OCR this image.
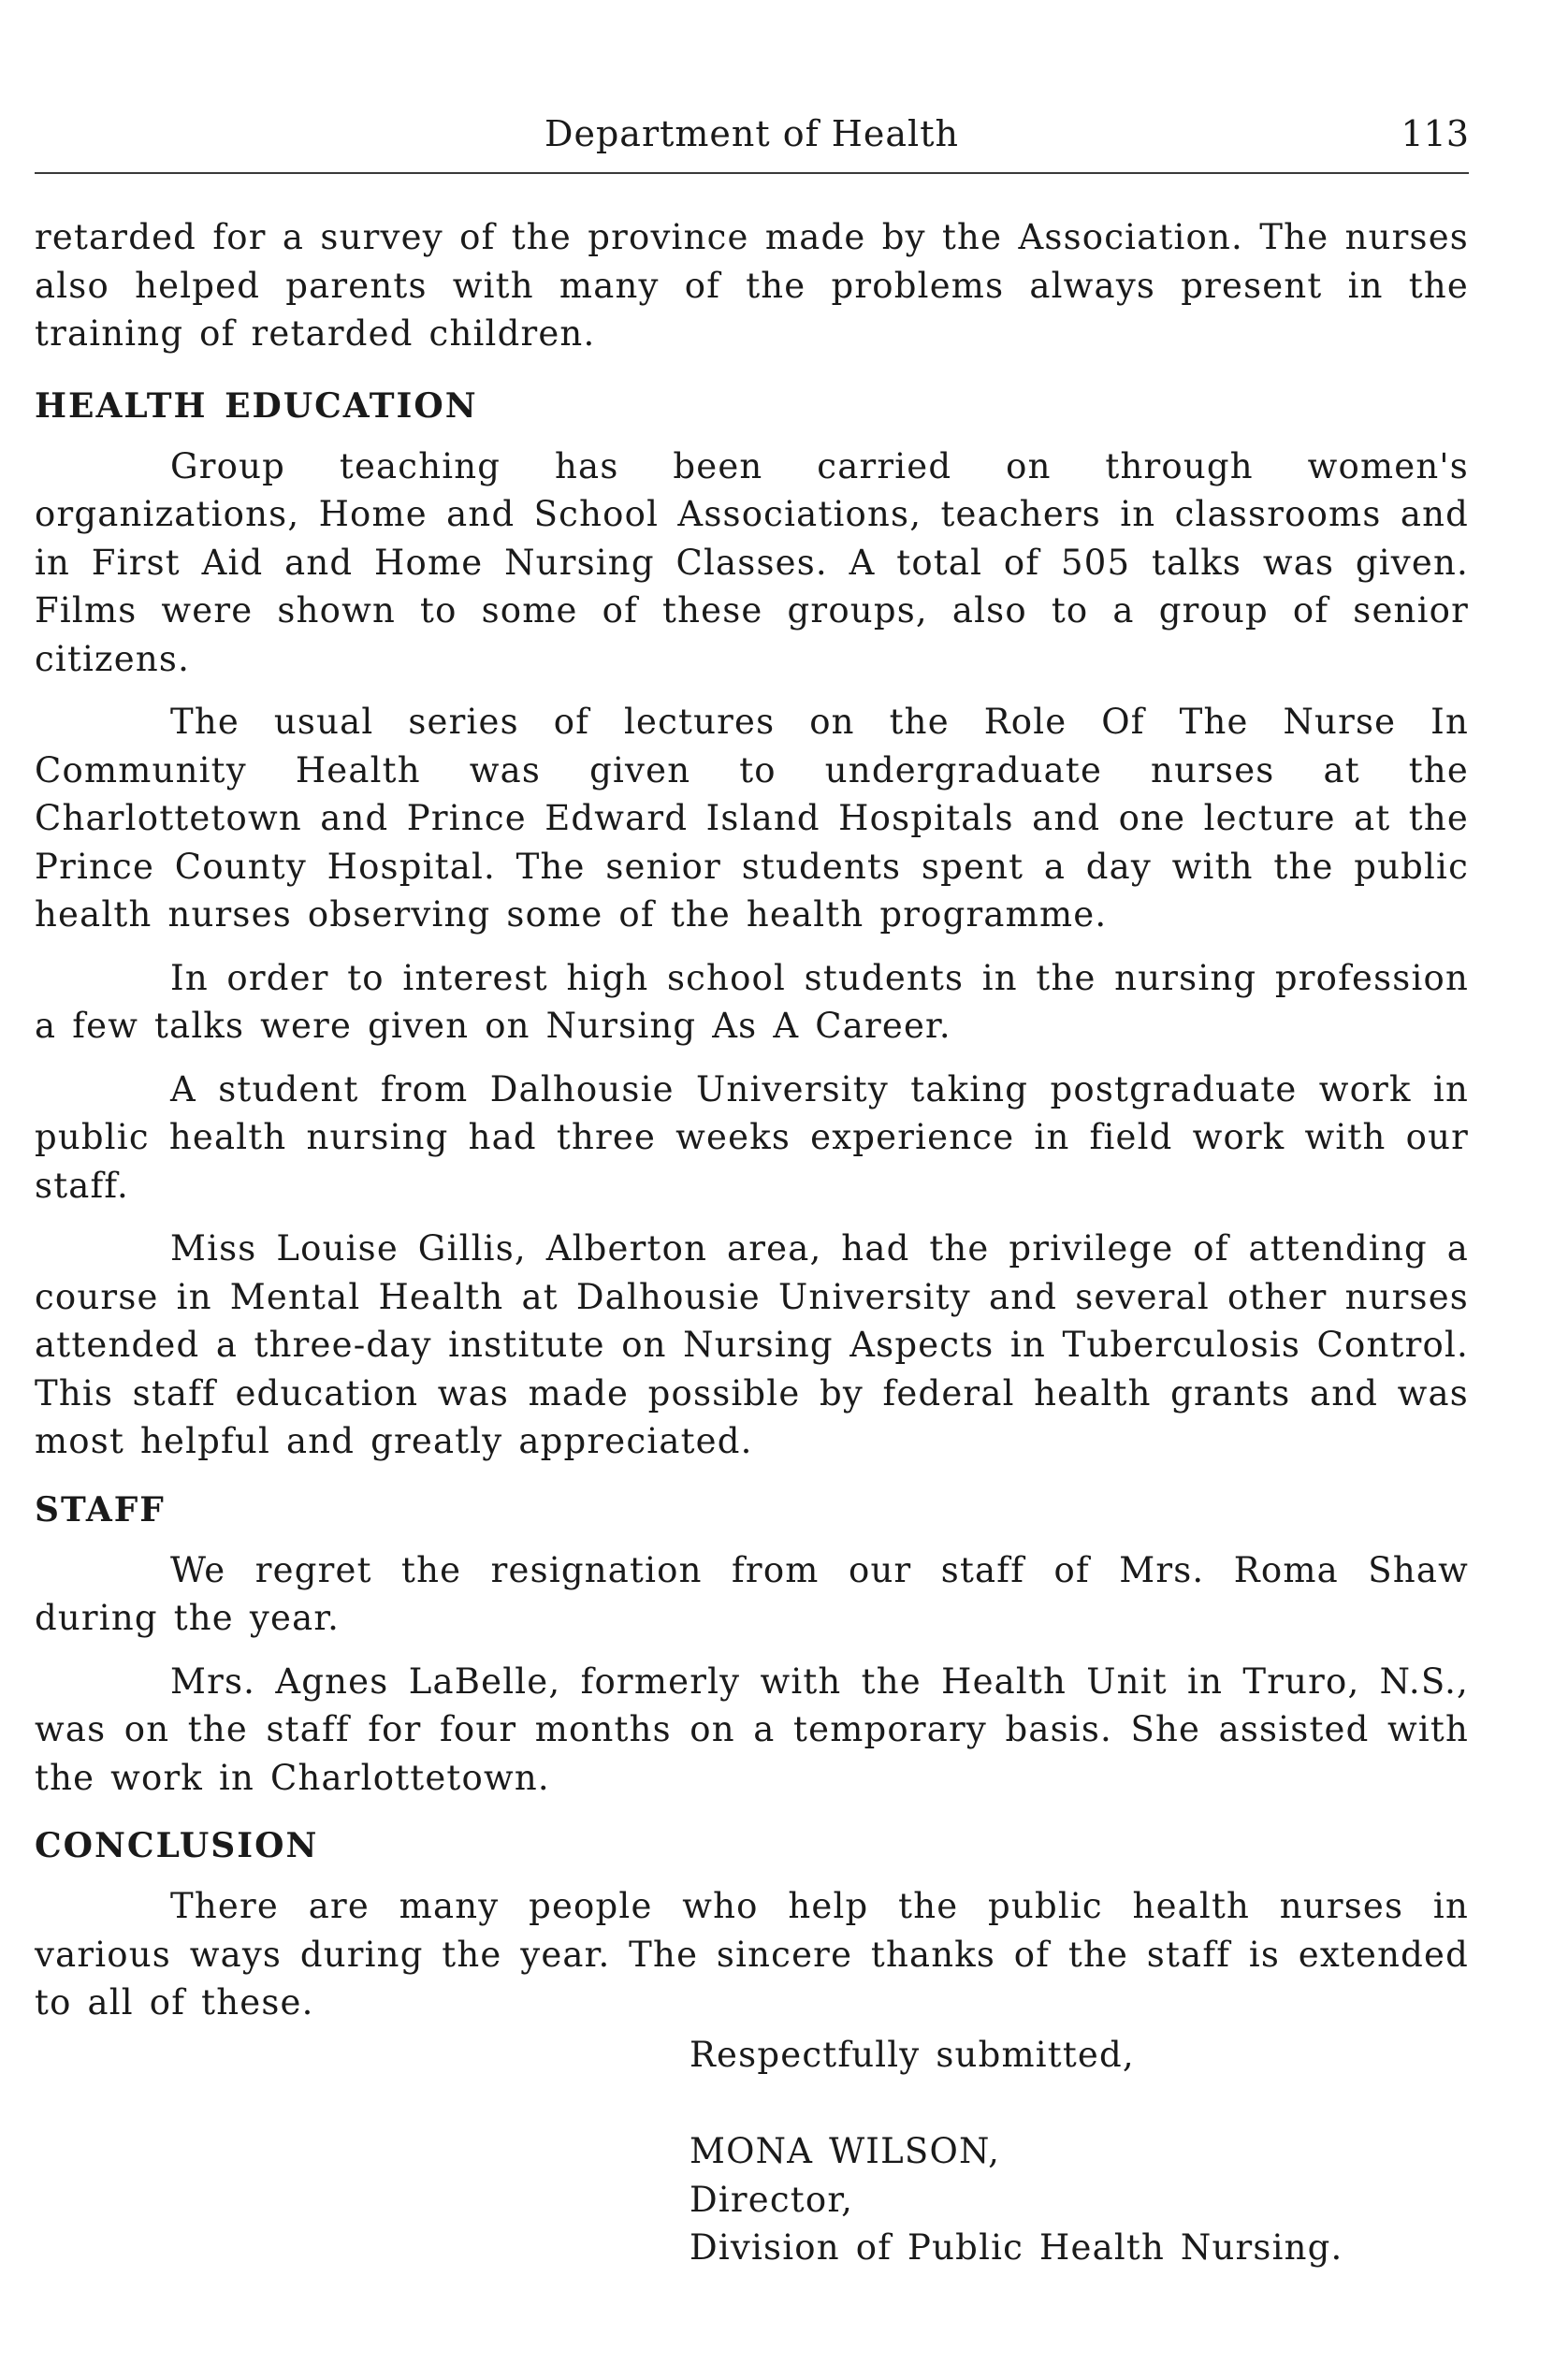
Department of Health	113

retarded for a survey of the province made by the Association. The nurses also helped parents with many of the problems always present in the training of retarded children.

HEALTH EDUCATION

Group teaching has been carried on through women's organizations, Home and School Associations, teachers in classrooms and in First Aid and Home Nursing Classes. A total of 505 talks was given. Films were shown to some of these groups, also to a group of senior citizens.

The usual series of lectures on the Role Of The Nurse In Community Health was given to undergraduate nurses at the Charlottetown and Prince Edward Island Hospitals and one lecture at the Prince County Hospital. The senior students spent a day with the public health nurses observing some of the health programme.

In order to interest high school students in the nursing profession a few talks were given on Nursing As A Career.

A student from Dalhousie University taking postgraduate work in public health nursing had three weeks experience in field work with our staff.

Miss Louise Gillis, Alberton area, had the privilege of attending a course in Mental Health at Dalhousie University and several other nurses attended a three-day institute on Nursing Aspects in Tuberculosis Control. This staff education was made possible by federal health grants and was most helpful and greatly appreciated.

STAFF

We regret the resignation from our staff of Mrs. Roma Shaw during the year.

Mrs. Agnes LaBelle, formerly with the Health Unit in Truro, N.S., was on the staff for four months on a temporary basis. She assisted with the work in Charlottetown.

CONCLUSION

There are many people who help the public health nurses in various ways during the year. The sincere thanks of the staff is extended to all of these.

Respectfully submitted,
MONA WILSON,
Director,
Division of Public Health Nursing.
